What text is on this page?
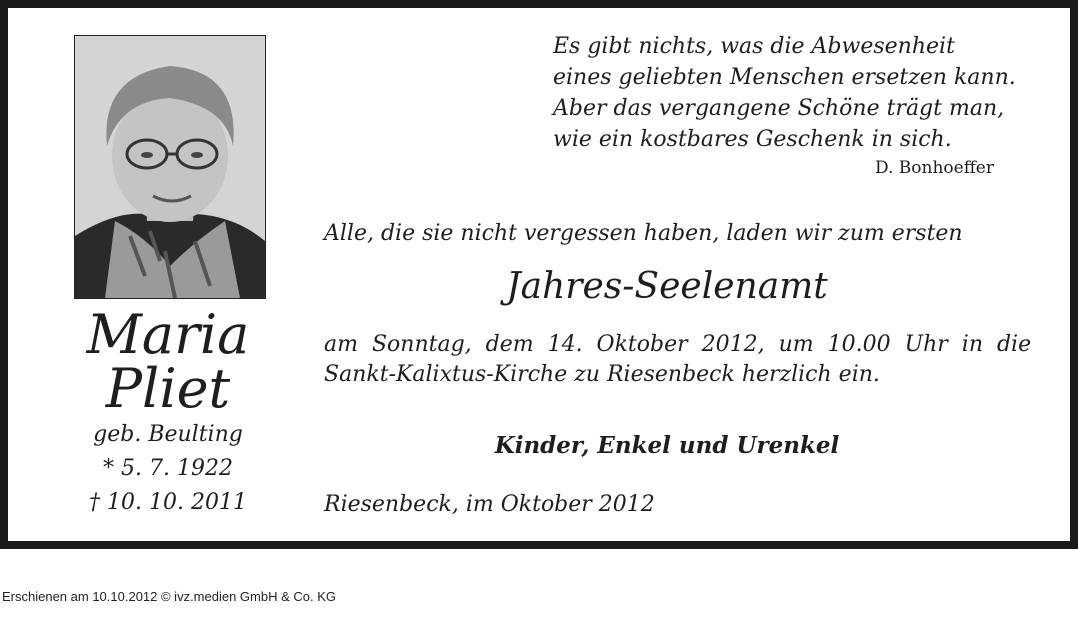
Maria
Pliet
geb. Beulting
* 5. 7. 1922
† 10. 10. 2011
Es gibt nichts, was die Abwesenheit
eines geliebten Menschen ersetzen kann.
Aber das vergangene Schöne trägt man,
wie ein kostbares Geschenk in sich.
D. Bonhoeffer
Alle, die sie nicht vergessen haben, laden wir zum ersten
Jahres-Seelenamt
am  Sonntag,  dem  14.  Oktober  2012,  um  10.00  Uhr  in  die
Sankt-Kalixtus-Kirche zu Riesenbeck herzlich ein.
Kinder, Enkel und Urenkel
Riesenbeck, im Oktober 2012
Erschienen am 10.10.2012 © ivz.medien GmbH & Co. KG
